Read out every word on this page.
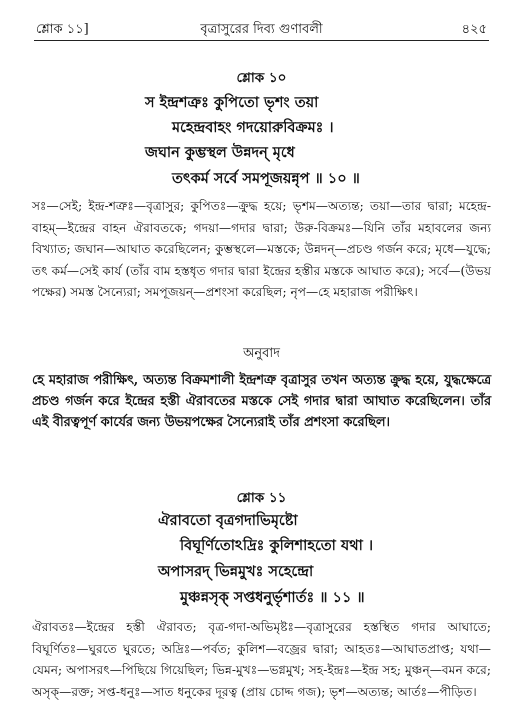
শ্লোক ১১]	বৃত্রাসুরের দিব্য গুণাবলী	৪২৫
শ্লোক ১০
স ইন্দ্রশত্রুঃ কুপিতো ভৃশং তয়া
মহেন্দ্রবাহং গদয়োরুবিক্রমঃ ।
জঘান কুম্ভস্থল উন্নদন্ মৃধে
তৎকর্ম সর্বে সমপূজয়ন্নৃপ ॥ ১০ ॥

সঃ—সেই; ইন্দ্র-শত্রুঃ—বৃত্রাসুর; কুপিতঃ—ক্রুদ্ধ হয়ে; ভৃশম—অত্যন্ত; তয়া—তার দ্বারা; মহেন্দ্র-বাহম্—ইন্দ্রের বাহন ঐরাবতকে; গদয়া—গদার দ্বারা; উরু-বিক্রমঃ—যিনি তাঁর মহাবলের জন্য বিখ্যাত; জঘান—আঘাত করেছিলেন; কুম্ভস্থলে—মস্তকে; উন্নদন্—প্রচণ্ড গর্জন করে; মৃধে—যুদ্ধে; তৎ কর্ম—সেই কার্য (তাঁর বাম হস্তধৃত গদার দ্বারা ইন্দ্রের হস্তীর মস্তকে আঘাত করে); সর্বে—(উভয় পক্ষের) সমস্ত সৈন্যেরা; সমপূজয়ন্—প্রশংসা করেছিল; নৃপ—হে মহারাজ পরীক্ষিৎ।

অনুবাদ

হে মহারাজ পরীক্ষিৎ, অত্যন্ত বিক্রমশালী ইন্দ্রশত্রু বৃত্রাসুর তখন অত্যন্ত ক্রুদ্ধ হয়ে, যুদ্ধক্ষেত্রে প্রচণ্ড গর্জন করে ইন্দ্রের হস্তী ঐরাবতের মস্তকে সেই গদার দ্বারা আঘাত করেছিলেন। তাঁর এই বীরত্বপূর্ণ কার্যের জন্য উভয়পক্ষের সৈন্যেরাই তাঁর প্রশংসা করেছিল।

শ্লোক ১১
ঐরাবতো বৃত্রগদাভিমৃষ্টো
বিঘূর্ণিতোঽদ্রিঃ কুলিশাহতো যথা ।
অপাসরদ্ ভিন্নমুখঃ সহেন্দ্রো
মুঞ্চন্নসৃক্ সপ্তধনুর্ভৃশার্তঃ ॥ ১১ ॥

ঐরাবতঃ—ইন্দ্রের হস্তী ঐরাবত; বৃত্র-গদা-অভিমৃষ্টঃ—বৃত্রাসুরের হস্তস্থিত গদার আঘাতে; বিঘূর্ণিতঃ—ঘুরতে ঘুরতে; অদ্রিঃ—পর্বত; কুলিশ—বজ্রের দ্বারা; আহতঃ—আঘাতপ্রাপ্ত; যথা—যেমন; অপাসরৎ—পিছিয়ে গিয়েছিল; ভিন্ন-মুখঃ—ভগ্নমুখ; সহ-ইন্দ্রঃ—ইন্দ্র সহ; মুঞ্চন্—বমন করে; অসৃক্—রক্ত; সপ্ত-ধনুঃ—সাত ধনুকের দূরত্ব (প্রায় চোদ্দ গজ); ভৃশ—অত্যন্ত; আর্তঃ—পীড়িত।
